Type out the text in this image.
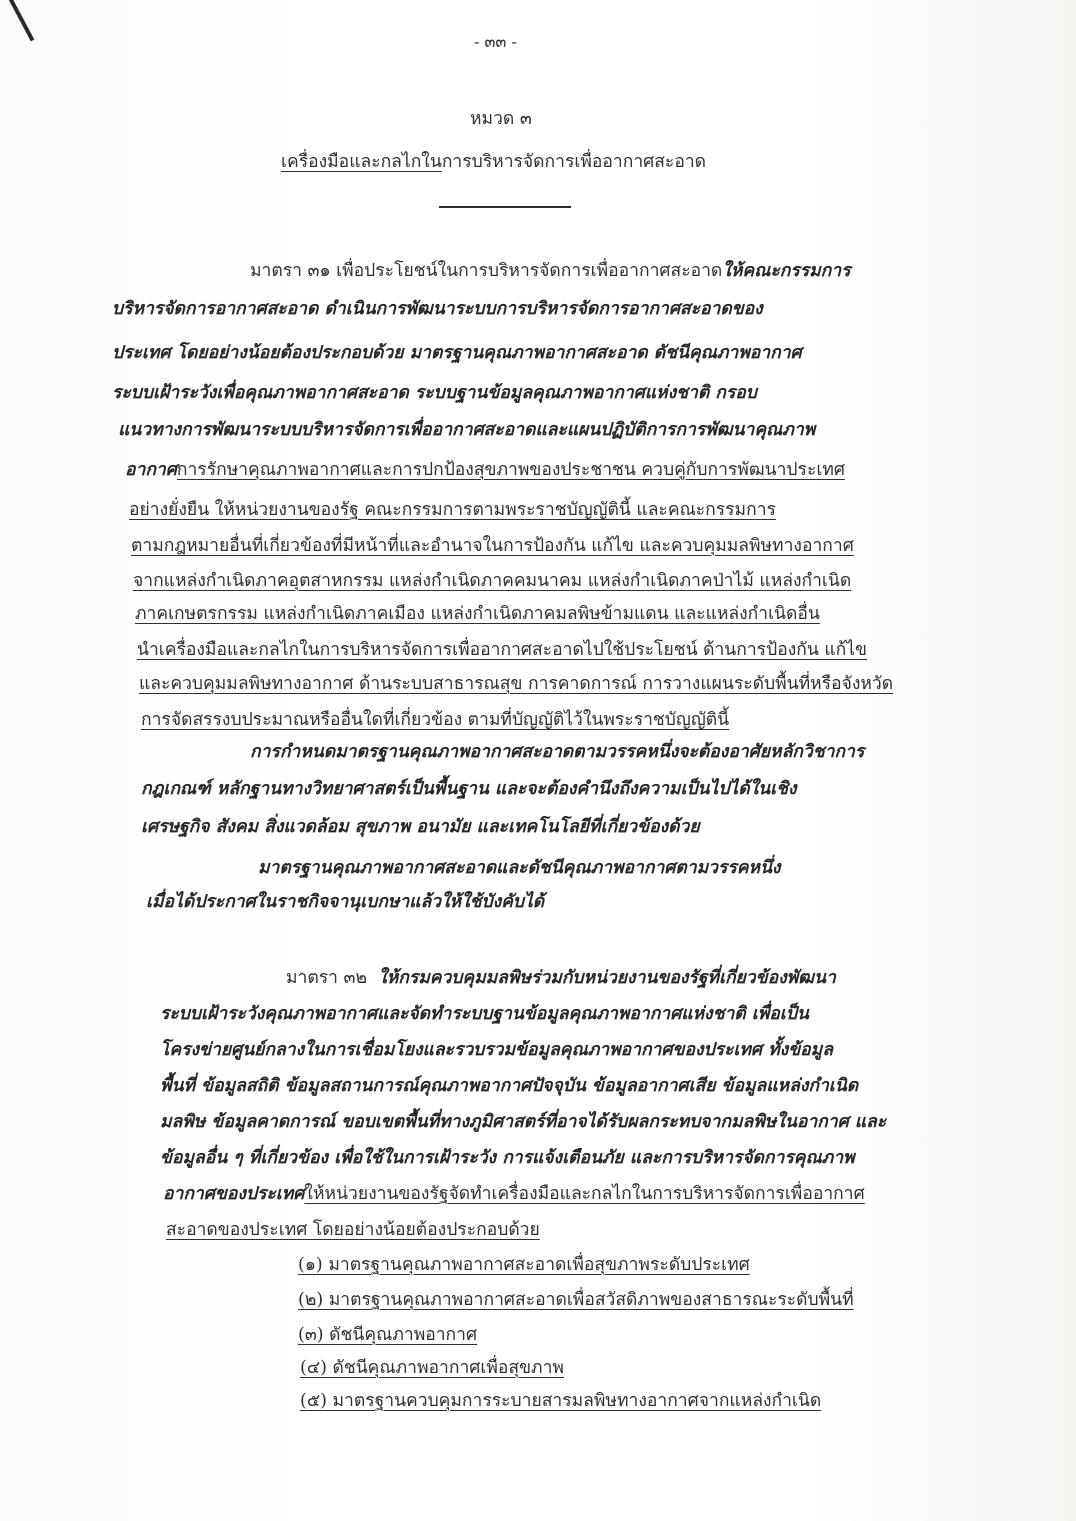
- ๓๓ -
หมวด ๓
เครื่องมือและกลไกในการบริหารจัดการเพื่ออากาศสะอาด
มาตรา ๓๑ เพื่อประโยชน์ในการบริหารจัดการเพื่ออากาศสะอาดให้คณะกรรมการ
บริหารจัดการอากาศสะอาด ดำเนินการพัฒนาระบบการบริหารจัดการอากาศสะอาดของ
ประเทศ โดยอย่างน้อยต้องประกอบด้วย มาตรฐานคุณภาพอากาศสะอาด ดัชนีคุณภาพอากาศ
ระบบเฝ้าระวังเพื่อคุณภาพอากาศสะอาด ระบบฐานข้อมูลคุณภาพอากาศแห่งชาติ กรอบ
แนวทางการพัฒนาระบบบริหารจัดการเพื่ออากาศสะอาดและแผนปฏิบัติการการพัฒนาคุณภาพ
อากาศการรักษาคุณภาพอากาศและการปกป้องสุขภาพของประชาชน ควบคู่กับการพัฒนาประเทศ
อย่างยั่งยืน ให้หน่วยงานของรัฐ คณะกรรมการตามพระราชบัญญัตินี้ และคณะกรรมการ
ตามกฎหมายอื่นที่เกี่ยวข้องที่มีหน้าที่และอำนาจในการป้องกัน แก้ไข และควบคุมมลพิษทางอากาศ
จากแหล่งกำเนิดภาคอุตสาหกรรม แหล่งกำเนิดภาคคมนาคม แหล่งกำเนิดภาคป่าไม้ แหล่งกำเนิด
ภาคเกษตรกรรม แหล่งกำเนิดภาคเมือง แหล่งกำเนิดภาคมลพิษข้ามแดน และแหล่งกำเนิดอื่น
นำเครื่องมือและกลไกในการบริหารจัดการเพื่ออากาศสะอาดไปใช้ประโยชน์ ด้านการป้องกัน แก้ไข
และควบคุมมลพิษทางอากาศ ด้านระบบสาธารณสุข การคาดการณ์ การวางแผนระดับพื้นที่หรือจังหวัด
การจัดสรรงบประมาณหรืออื่นใดที่เกี่ยวข้อง ตามที่บัญญัติไว้ในพระราชบัญญัตินี้
การกำหนดมาตรฐานคุณภาพอากาศสะอาดตามวรรคหนึ่งจะต้องอาศัยหลักวิชาการ
กฎเกณฑ์ หลักฐานทางวิทยาศาสตร์เป็นพื้นฐาน และจะต้องคำนึงถึงความเป็นไปได้ในเชิง
เศรษฐกิจ สังคม สิ่งแวดล้อม สุขภาพ อนามัย และเทคโนโลยีที่เกี่ยวข้องด้วย
มาตรฐานคุณภาพอากาศสะอาดและดัชนีคุณภาพอากาศตามวรรคหนึ่ง
เมื่อได้ประกาศในราชกิจจานุเบกษาแล้วให้ใช้บังคับได้
มาตรา ๓๒ ให้กรมควบคุมมลพิษร่วมกับหน่วยงานของรัฐที่เกี่ยวข้องพัฒนา
ระบบเฝ้าระวังคุณภาพอากาศและจัดทำระบบฐานข้อมูลคุณภาพอากาศแห่งชาติ เพื่อเป็น
โครงข่ายศูนย์กลางในการเชื่อมโยงและรวบรวมข้อมูลคุณภาพอากาศของประเทศ ทั้งข้อมูล
พื้นที่ ข้อมูลสถิติ ข้อมูลสถานการณ์คุณภาพอากาศปัจจุบัน ข้อมูลอากาศเสีย ข้อมูลแหล่งกำเนิด
มลพิษ ข้อมูลคาดการณ์ ขอบเขตพื้นที่ทางภูมิศาสตร์ที่อาจได้รับผลกระทบจากมลพิษในอากาศ และ
ข้อมูลอื่น ๆ ที่เกี่ยวข้อง เพื่อใช้ในการเฝ้าระวัง การแจ้งเตือนภัย และการบริหารจัดการคุณภาพ
อากาศของประเทศให้หน่วยงานของรัฐจัดทำเครื่องมือและกลไกในการบริหารจัดการเพื่ออากาศ
สะอาดของประเทศ โดยอย่างน้อยต้องประกอบด้วย
(๑) มาตรฐานคุณภาพอากาศสะอาดเพื่อสุขภาพระดับประเทศ
(๒) มาตรฐานคุณภาพอากาศสะอาดเพื่อสวัสดิภาพของสาธารณะระดับพื้นที่
(๓) ดัชนีคุณภาพอากาศ
(๔) ดัชนีคุณภาพอากาศเพื่อสุขภาพ
(๕) มาตรฐานควบคุมการระบายสารมลพิษทางอากาศจากแหล่งกำเนิด
